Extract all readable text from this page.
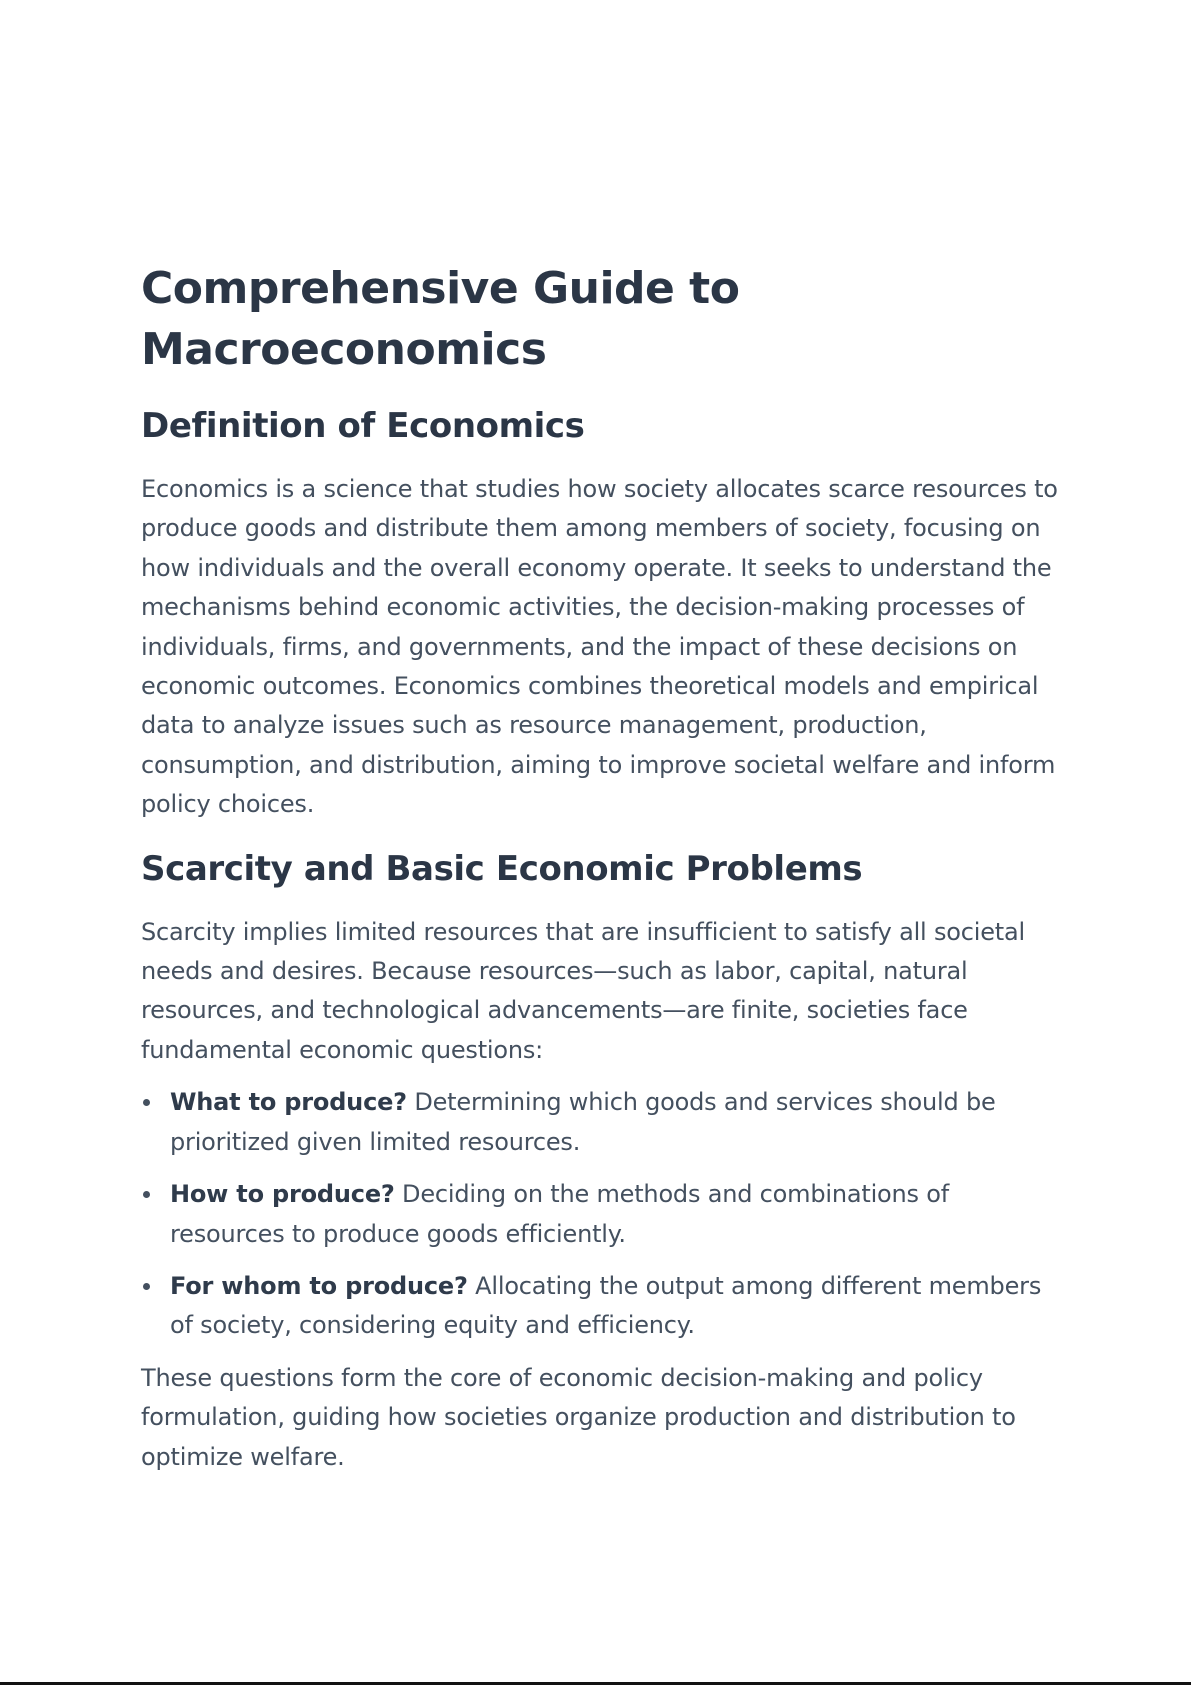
Comprehensive Guide to Macroeconomics
Definition of Economics

Economics is a science that studies how society allocates scarce resources to produce goods and distribute them among members of society, focusing on how individuals and the overall economy operate. It seeks to understand the mechanisms behind economic activities, the decision-making processes of individuals, firms, and governments, and the impact of these decisions on economic outcomes. Economics combines theoretical models and empirical data to analyze issues such as resource management, production, consumption, and distribution, aiming to improve societal welfare and inform policy choices.

Scarcity and Basic Economic Problems

Scarcity implies limited resources that are insufficient to satisfy all societal needs and desires. Because resources—such as labor, capital, natural resources, and technological advancements—are finite, societies face fundamental economic questions:

What to produce? Determining which goods and services should be prioritized given limited resources.
How to produce? Deciding on the methods and combinations of resources to produce goods efficiently.
For whom to produce? Allocating the output among different members of society, considering equity and efficiency.

These questions form the core of economic decision-making and policy formulation, guiding how societies organize production and distribution to optimize welfare.
